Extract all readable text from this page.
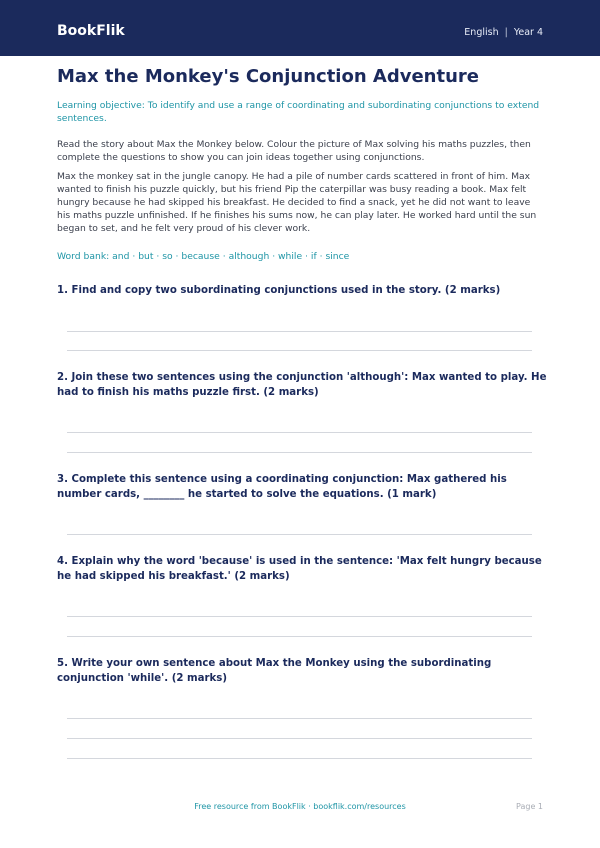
BookFlik	English | Year 4
Max the Monkey's Conjunction Adventure

Learning objective: To identify and use a range of coordinating and subordinating conjunctions to extend sentences.

Read the story about Max the Monkey below. Colour the picture of Max solving his maths puzzles, then complete the questions to show you can join ideas together using conjunctions.

Max the monkey sat in the jungle canopy. He had a pile of number cards scattered in front of him. Max wanted to finish his puzzle quickly, but his friend Pip the caterpillar was busy reading a book. Max felt hungry because he had skipped his breakfast. He decided to find a snack, yet he did not want to leave his maths puzzle unfinished. If he finishes his sums now, he can play later. He worked hard until the sun began to set, and he felt very proud of his clever work.

Word bank: and · but · so · because · although · while · if · since

1. Find and copy two subordinating conjunctions used in the story. (2 marks)

2. Join these two sentences using the conjunction 'although': Max wanted to play. He had to finish his maths puzzle first. (2 marks)

3. Complete this sentence using a coordinating conjunction: Max gathered his number cards, ________ he started to solve the equations. (1 mark)

4. Explain why the word 'because' is used in the sentence: 'Max felt hungry because he had skipped his breakfast.' (2 marks)

5. Write your own sentence about Max the Monkey using the subordinating conjunction 'while'. (2 marks)

Free resource from BookFlik · bookflik.com/resources	Page 1
